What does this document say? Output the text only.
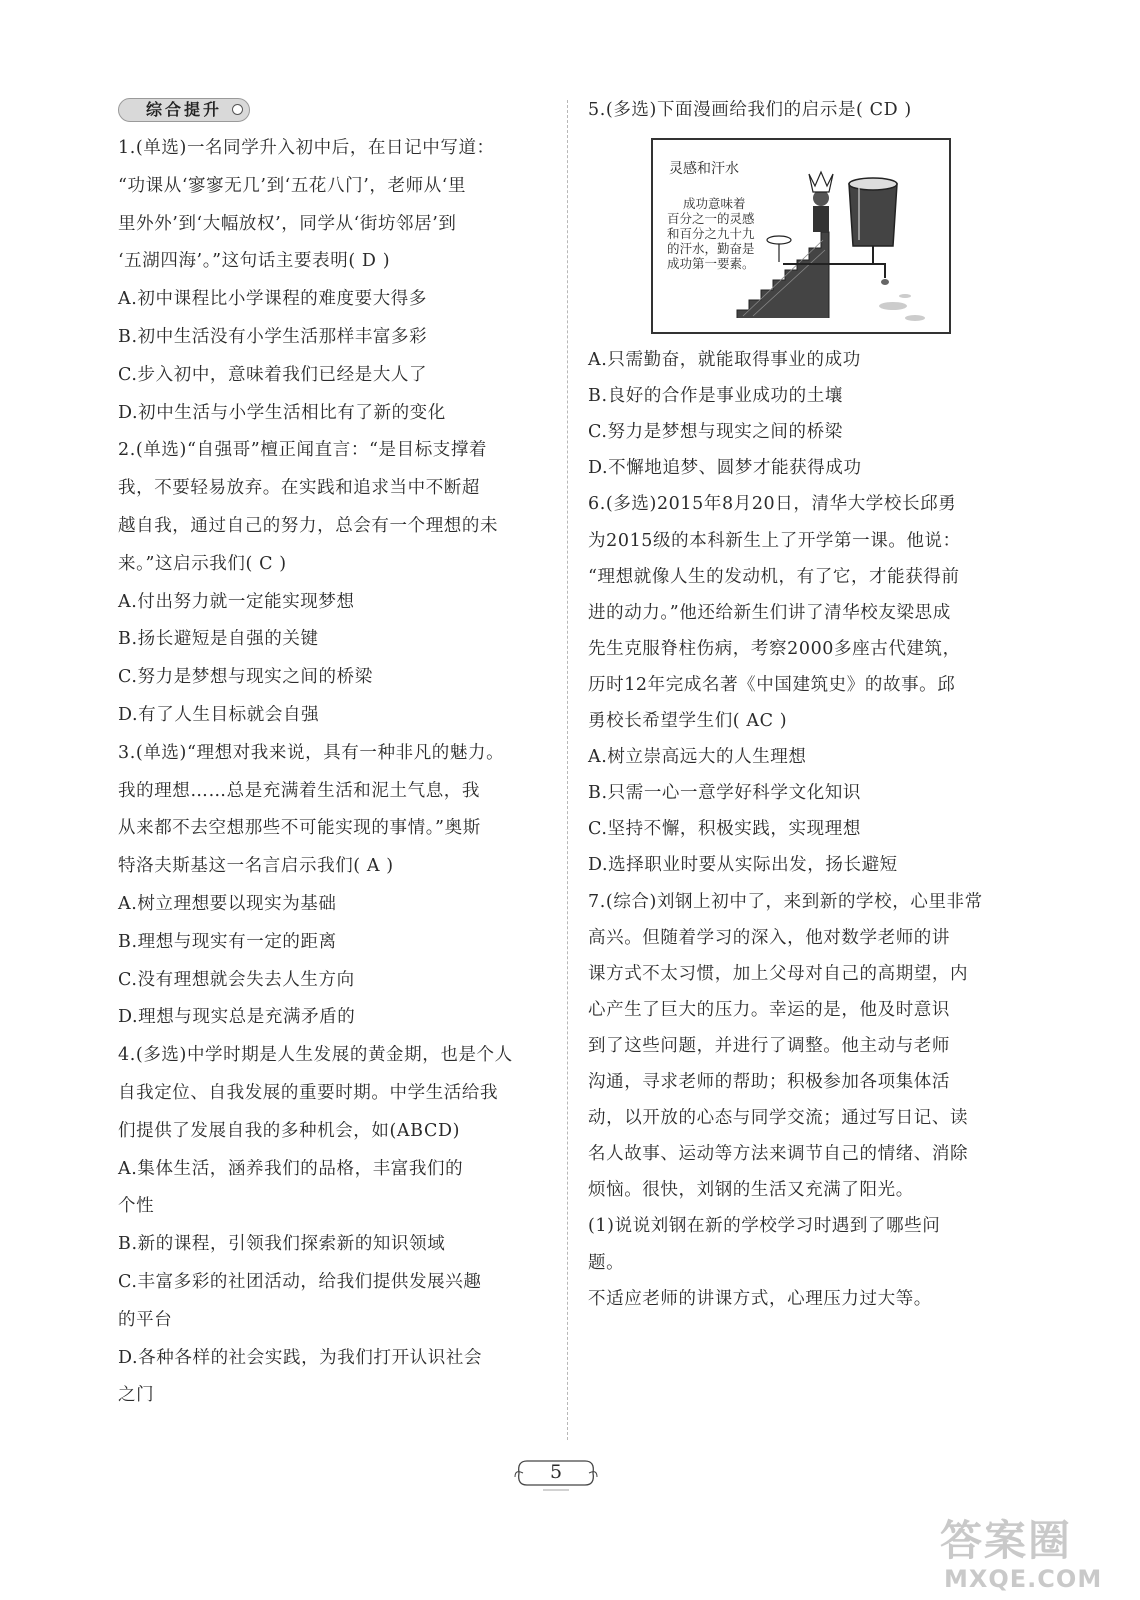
综合提升
1.(单选)一名同学升入初中后，在日记中写道：
“功课从‘寥寥无几’到‘五花八门’，老师从‘里
里外外’到‘大幅放权’，同学从‘街坊邻居’到
‘五湖四海’。”这句话主要表明( D )
A.初中课程比小学课程的难度要大得多
B.初中生活没有小学生活那样丰富多彩
C.步入初中，意味着我们已经是大人了
D.初中生活与小学生活相比有了新的变化
2.(单选)“自强哥”檀正闻直言：“是目标支撑着
我，不要轻易放弃。在实践和追求当中不断超
越自我，通过自己的努力，总会有一个理想的未
来。”这启示我们( C )
A.付出努力就一定能实现梦想
B.扬长避短是自强的关键
C.努力是梦想与现实之间的桥梁
D.有了人生目标就会自强
3.(单选)“理想对我来说，具有一种非凡的魅力。
我的理想……总是充满着生活和泥土气息，我
从来都不去空想那些不可能实现的事情。”奥斯
特洛夫斯基这一名言启示我们( A )
A.树立理想要以现实为基础
B.理想与现实有一定的距离
C.没有理想就会失去人生方向
D.理想与现实总是充满矛盾的
4.(多选)中学时期是人生发展的黄金期，也是个人
自我定位、自我发展的重要时期。中学生活给我
们提供了发展自我的多种机会，如(ABCD)
A.集体生活，涵养我们的品格，丰富我们的
个性
B.新的课程，引领我们探索新的知识领域
C.丰富多彩的社团活动，给我们提供发展兴趣
的平台
D.各种各样的社会实践，为我们打开认识社会
之门
5.(多选)下面漫画给我们的启示是( CD )
灵感和汗水
成功意味着
百分之一的灵感
和百分之九十九
的汗水，勤奋是
成功第一要素。
A.只需勤奋，就能取得事业的成功
B.良好的合作是事业成功的土壤
C.努力是梦想与现实之间的桥梁
D.不懈地追梦、圆梦才能获得成功
6.(多选)2015年8月20日，清华大学校长邱勇
为2015级的本科新生上了开学第一课。他说：
“理想就像人生的发动机，有了它，才能获得前
进的动力。”他还给新生们讲了清华校友梁思成
先生克服脊柱伤病，考察2000多座古代建筑，
历时12年完成名著《中国建筑史》的故事。邱
勇校长希望学生们( AC )
A.树立崇高远大的人生理想
B.只需一心一意学好科学文化知识
C.坚持不懈，积极实践，实现理想
D.选择职业时要从实际出发，扬长避短
7.(综合)刘钢上初中了，来到新的学校，心里非常
高兴。但随着学习的深入，他对数学老师的讲
课方式不太习惯，加上父母对自己的高期望，内
心产生了巨大的压力。幸运的是，他及时意识
到了这些问题，并进行了调整。他主动与老师
沟通，寻求老师的帮助；积极参加各项集体活
动，以开放的心态与同学交流；通过写日记、读
名人故事、运动等方法来调节自己的情绪、消除
烦恼。很快，刘钢的生活又充满了阳光。
(1)说说刘钢在新的学校学习时遇到了哪些问
题。
不适应老师的讲课方式，心理压力过大等。
5
答案圈
MXQE.COM
